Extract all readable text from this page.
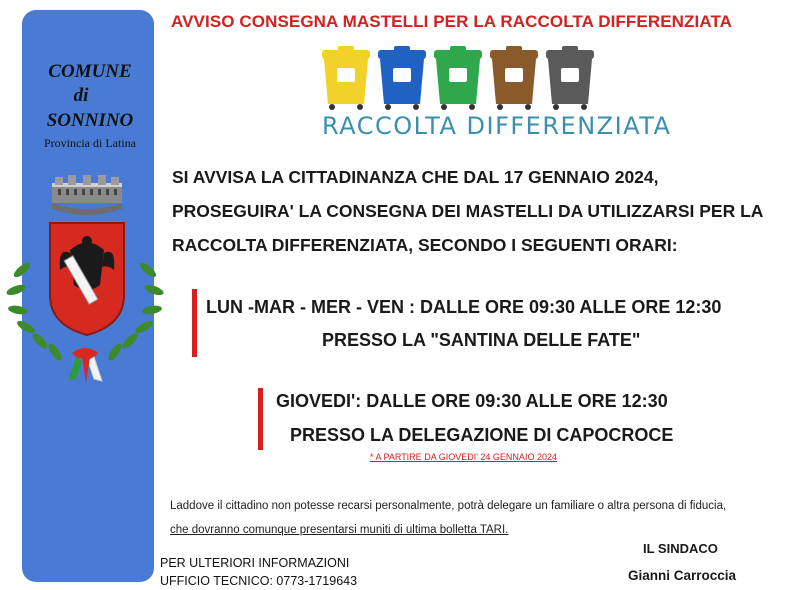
COMUNE
di
SONNINO
Provincia di Latina
AVVISO CONSEGNA MASTELLI PER LA RACCOLTA DIFFERENZIATA
RACCOLTA DIFFERENZIATA
SI AVVISA LA CITTADINANZA CHE DAL 17 GENNAIO 2024,
PROSEGUIRA' LA CONSEGNA DEI MASTELLI DA UTILIZZARSI PER LA
RACCOLTA DIFFERENZIATA, SECONDO I SEGUENTI ORARI:
LUN -MAR - MER - VEN : DALLE ORE 09:30 ALLE ORE 12:30
PRESSO LA "SANTINA DELLE FATE"
GIOVEDI': DALLE ORE 09:30 ALLE ORE 12:30
PRESSO LA DELEGAZIONE DI CAPOCROCE
* A PARTIRE DA GIOVEDI' 24 GENNAIO 2024
Laddove il cittadino non potesse recarsi personalmente, potrà delegare un familiare o altra persona di fiducia,
che dovranno comunque presentarsi muniti di ultima bolletta TARI.
PER ULTERIORI INFORMAZIONI
UFFICIO TECNICO: 0773-1719643
IL SINDACO
Gianni Carroccia
